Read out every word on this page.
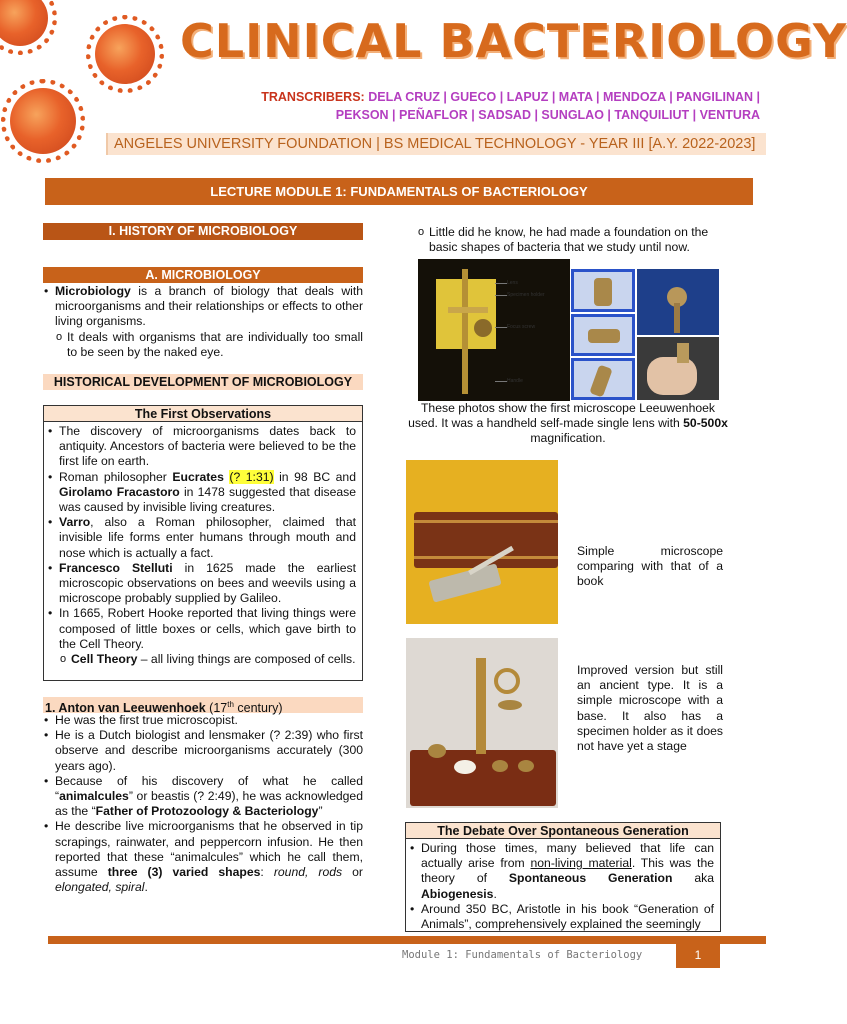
CLINICAL BACTERIOLOGY
TRANSCRIBERS: DELA CRUZ | GUECO | LAPUZ | MATA | MENDOZA | PANGILINAN |
PEKSON | PEÑAFLOR | SADSAD | SUNGLAO | TANQUILIUT | VENTURA
ANGELES UNIVERSITY FOUNDATION | BS MEDICAL TECHNOLOGY - YEAR III [A.Y. 2022-2023]
LECTURE MODULE 1: FUNDAMENTALS OF BACTERIOLOGY
I. HISTORY OF MICROBIOLOGY
A. MICROBIOLOGY
• Microbiology is a branch of biology that deals with microorganisms and their relationships or effects to other living organisms.
o It deals with organisms that are individually too small to be seen by the naked eye.
HISTORICAL DEVELOPMENT OF MICROBIOLOGY
The First Observations
• The discovery of microorganisms dates back to antiquity. Ancestors of bacteria were believed to be the first life on earth.
• Roman philosopher Eucrates (? 1:31) in 98 BC and Girolamo Fracastoro in 1478 suggested that disease was caused by invisible living creatures.
• Varro, also a Roman philosopher, claimed that invisible life forms enter humans through mouth and nose which is actually a fact.
• Francesco Stelluti in 1625 made the earliest microscopic observations on bees and weevils using a microscope probably supplied by Galileo.
• In 1665, Robert Hooke reported that living things were composed of little boxes or cells, which gave birth to the Cell Theory.
o Cell Theory – all living things are composed of cells.
1. Anton van Leeuwenhoek (17th century)
• He was the first true microscopist.
• He is a Dutch biologist and lensmaker (? 2:39) who first observe and describe microorganisms accurately (300 years ago).
• Because of his discovery of what he called “animalcules” or beastis (? 2:49), he was acknowledged as the “Father of Protozoology & Bacteriology”
• He describe live microorganisms that he observed in tip scrapings, rainwater, and peppercorn infusion. He then reported that these “animalcules” which he call them, assume three (3) varied shapes: round, rods or elongated, spiral.
o Little did he know, he had made a foundation on the basic shapes of bacteria that we study until now.
Lens
Specimen holder
Focus screw
Handle
These photos show the first microscope Leeuwenhoek used. It was a handheld self-made single lens with 50-500x magnification.
Simple microscope comparing with that of a book
Improved version but still an ancient type. It is a simple microscope with a base. It also has a specimen holder as it does not have yet a stage
The Debate Over Spontaneous Generation
• During those times, many believed that life can actually arise from non-living material. This was the theory of Spontaneous Generation aka Abiogenesis.
• Around 350 BC, Aristotle in his book “Generation of Animals”, comprehensively explained the seemingly
Module 1: Fundamentals of Bacteriology	1
